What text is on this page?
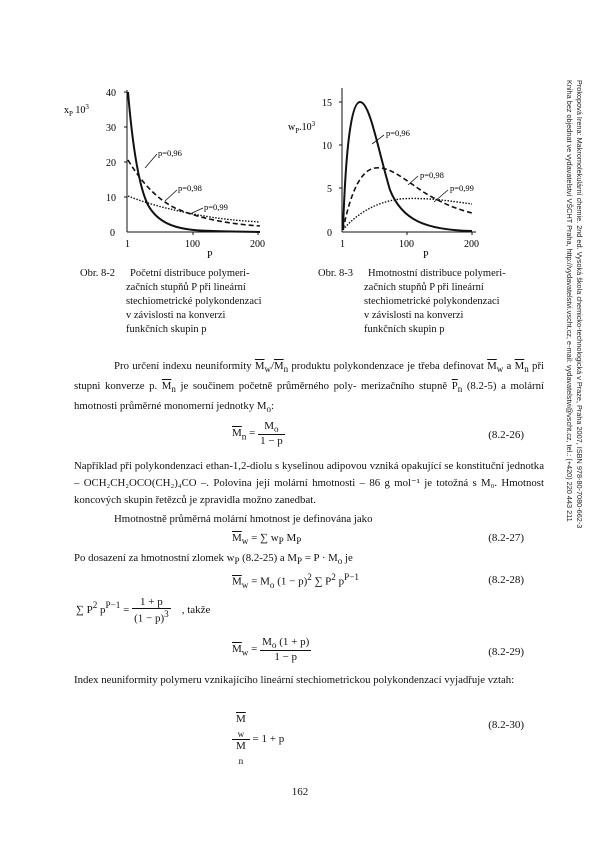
Prokopová Irena: Makromolekulární chemie. 2nd ed. Vysoká škola chemicko-technologická v Praze, Praha 2007, ISBN 978-80-7080-662-3
Kniha bez objednat ve vydavatelství VŠCHT Praha, http://vydavatelstvi.vscht.cz, e-mail: vydavatelstvi@vscht.cz, tel.: (+420) 220 443 211
$x_P$ $10^3$
40
30
20
10
0
1	100	200
P
p=0,96
p=0,98
p=0,99
$w_P.10^3$
15
10
5
0
1	100	200
P
p=0,96
p=0,98
p=0,99
Obr. 8-2 Početní distribuce polymeri-
začních stupňů P při lineární
stechiometrické polykondenzaci
v závislosti na konverzi
funkčních skupin p
Obr. 8-3 Hmotnostní distribuce polymeri-
začních stupňů P při lineární
stechiometrické polykondenzaci
v závislosti na konverzi
funkčních skupin p
Pro určení indexu neuniformity $\overline{M}_w/\overline{M}_n$ produktu polykondenzace je třeba definovat $\overline{M}_w$ a $\overline{M}_n$ při stupni konverze p. $\overline{M}_n$ je součinem početně průměrného poly- merizačního stupně $\overline{P}_n$ (8.2-5) a molární hmotnosti průměrné monomerní jednotky $M_o$:
$\overline{M}_n = \frac{M_o}{1 - p}$	(8.2-26)
Například při polykondenzaci ethan-1,2-diolu s kyselinou adipovou vzniká opakující se konstituční jednotka – OCH₂CH₂OCO(CH₂)₄CO –. Polovina její molární hmotnosti – 86 g mol⁻¹ je totožná s M₀. Hmotnost koncových skupin řetězců je zpravidla možno zanedbat.
Hmotnostně průměrná molární hmotnost je definována jako
$\overline{M}_w$ = ∑ $w_P$ $M_P$	(8.2-27)
Po dosazení za hmotnostní zlomek $w_P$ (8.2-25) a $M_P = P \cdot M_o$ je
$\overline{M}_w = M_o$ $(1 - p)^2$ ∑ $P^2$ $p^{P-1}$	(8.2-28)
∑ $P^2$ $p^{P-1} = \frac{1 + p}{(1 - p)^3}$ , takže
$\overline{M}_w = \frac{M_o (1 + p)}{1 - p}$	(8.2-29)
Index neuniformity polymeru vznikajícího lineární stechiometrickou polykondenzací vyjadřuje vztah:
$\overline{M}$
$_w$
$\overline{M}$
$_n$ = 1 + p
(8.2-30)
162
